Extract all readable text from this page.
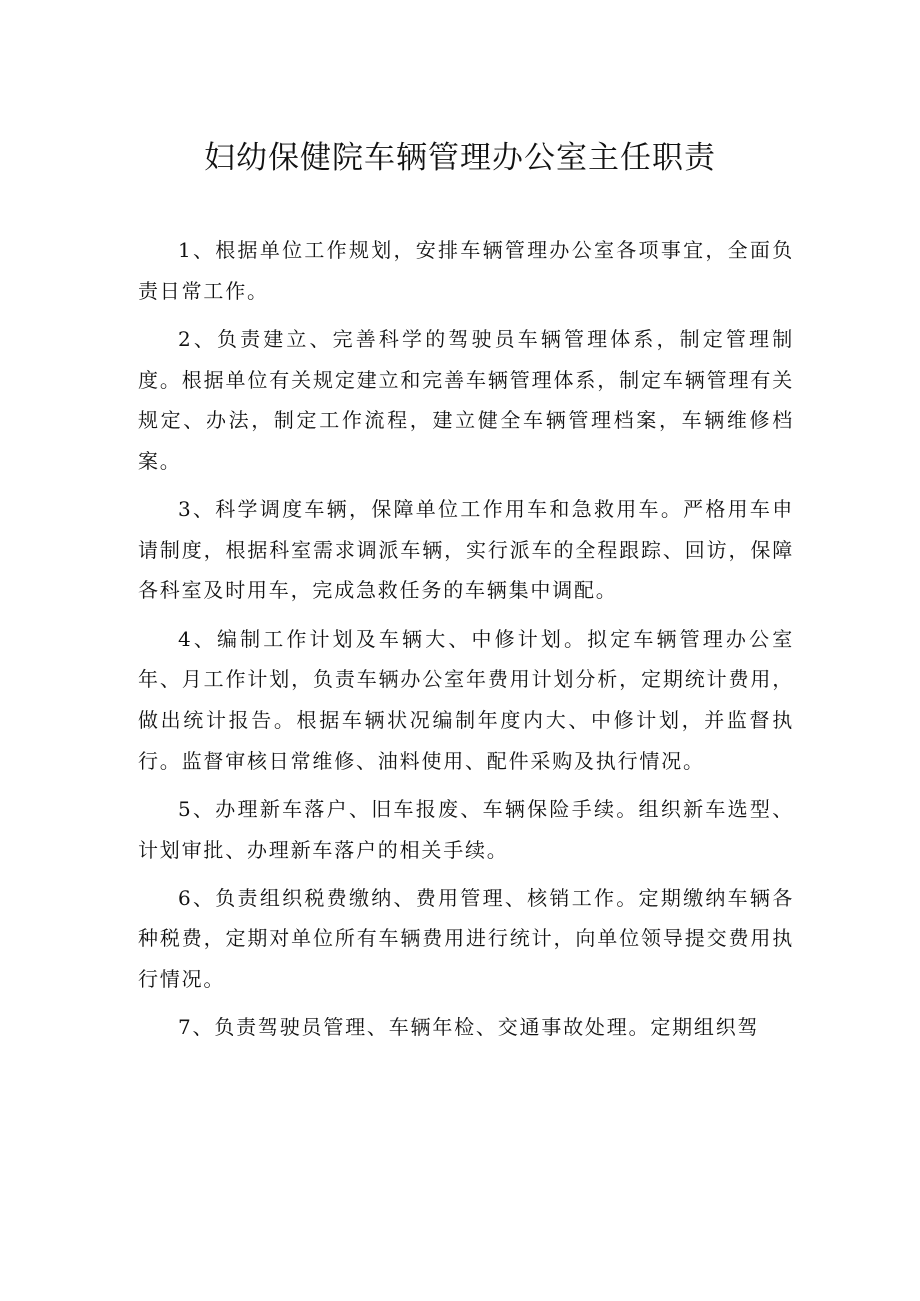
妇幼保健院车辆管理办公室主任职责

1、根据单位工作规划，安排车辆管理办公室各项事宜，全面负责日常工作。

2、负责建立、完善科学的驾驶员车辆管理体系，制定管理制度。根据单位有关规定建立和完善车辆管理体系，制定车辆管理有关规定、办法，制定工作流程，建立健全车辆管理档案，车辆维修档案。

3、科学调度车辆，保障单位工作用车和急救用车。严格用车申请制度，根据科室需求调派车辆，实行派车的全程跟踪、回访，保障各科室及时用车，完成急救任务的车辆集中调配。

4、编制工作计划及车辆大、中修计划。拟定车辆管理办公室年、月工作计划，负责车辆办公室年费用计划分析，定期统计费用，做出统计报告。根据车辆状况编制年度内大、中修计划，并监督执行。监督审核日常维修、油料使用、配件采购及执行情况。

5、办理新车落户、旧车报废、车辆保险手续。组织新车选型、计划审批、办理新车落户的相关手续。

6、负责组织税费缴纳、费用管理、核销工作。定期缴纳车辆各种税费，定期对单位所有车辆费用进行统计，向单位领导提交费用执行情况。

7、负责驾驶员管理、车辆年检、交通事故处理。定期组织驾
